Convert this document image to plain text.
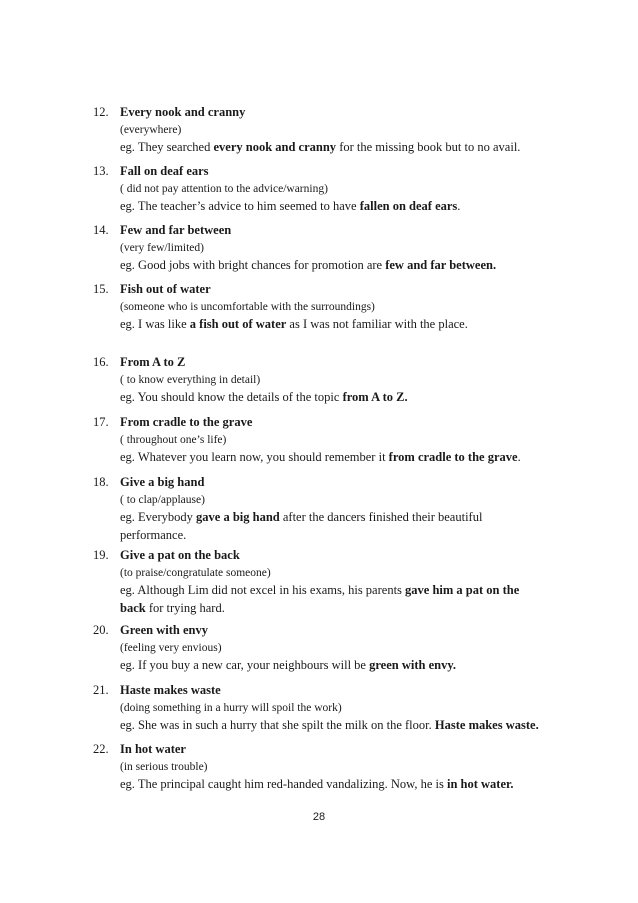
12. Every nook and cranny
(everywhere)
eg. They searched every nook and cranny for the missing book but to no avail.
13. Fall on deaf ears
( did not pay attention to the advice/warning)
eg. The teacher’s advice to him seemed to have fallen on deaf ears.
14. Few and far between
(very few/limited)
eg. Good jobs with bright chances for promotion are few and far between.
15. Fish out of water
(someone who is uncomfortable with the surroundings)
eg. I was like a fish out of water as I was not familiar with the place.
16. From A to Z
( to know everything in detail)
eg. You should know the details of the topic from A to Z.
17. From cradle to the grave
( throughout one’s life)
eg. Whatever you learn now, you should remember it from cradle to the grave.
18. Give a big hand
( to clap/applause)
eg. Everybody gave a big hand after the dancers finished their beautiful
performance.
19. Give a pat on the back
(to praise/congratulate someone)
eg. Although Lim did not excel in his exams, his parents gave him a pat on the
back for trying hard.
20. Green with envy
(feeling very envious)
eg. If you buy a new car, your neighbours will be green with envy.
21. Haste makes waste
(doing something in a hurry will spoil the work)
eg. She was in such a hurry that she spilt the milk on the floor. Haste makes waste.
22. In hot water
(in serious trouble)
eg. The principal caught him red-handed vandalizing. Now, he is in hot water.
28
